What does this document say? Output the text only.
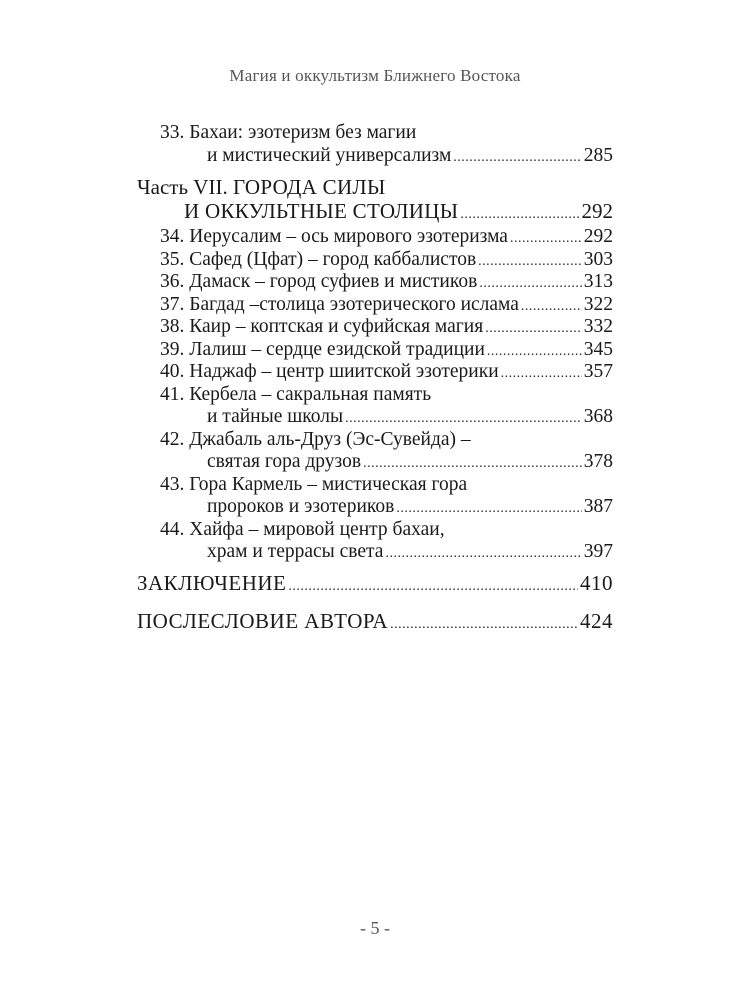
Магия и оккультизм Ближнего Востока
33. Бахаи: эзотеризм без магии
и мистический универсализм .....	285
Часть VII. ГОРОДА СИЛЫ
И ОККУЛЬТНЫЕ СТОЛИЦЫ .....	292
34. Иерусалим – ось мирового эзотеризма .....	292
35. Сафед (Цфат) – город каббалистов .....	303
36. Дамаск – город суфиев и мистиков .....	313
37. Багдад –столица эзотерического ислама .....	322
38. Каир – коптская и суфийская магия .....	332
39. Лалиш – сердце езидской традиции .....	345
40. Наджаф – центр шиитской эзотерики .....	357
41. Кербела – сакральная память
и тайные школы .....	368
42. Джабаль аль-Друз (Эс-Сувейда) –
святая гора друзов .....	378
43. Гора Кармель – мистическая гора
пророков и эзотериков .....	387
44. Хайфа – мировой центр бахаи,
храм и террасы света .....	397
ЗАКЛЮЧЕНИЕ .....	410
ПОСЛЕСЛОВИЕ АВТОРА .....	424
- 5 -
